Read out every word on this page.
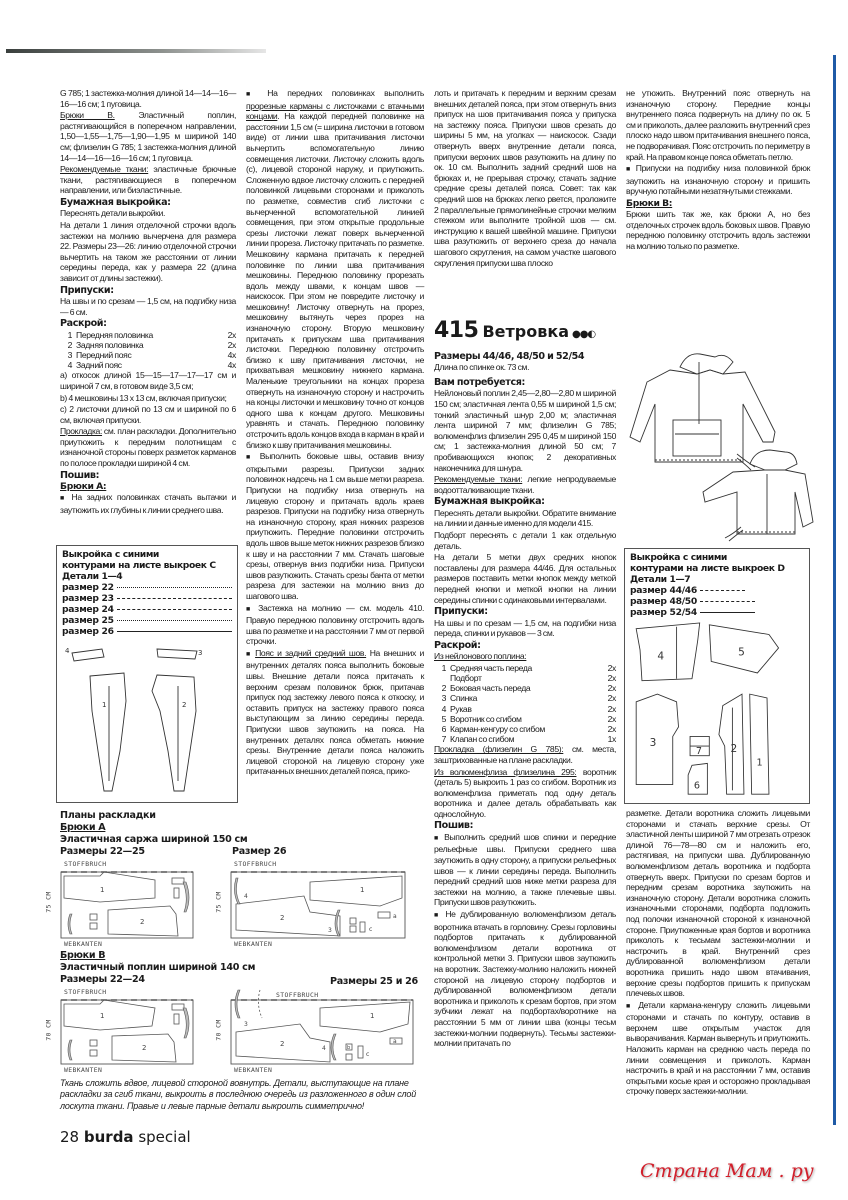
G 785; 1 застежка-молния длиной 14—14—16—16—16 см; 1 пуговица.

Брюки В. Эластичный поплин, растягивающийся в поперечном направлении, 1,50—1,55—1,75—1,90—1,95 м шириной 140 см; флизелин G 785; 1 застежка-молния длиной 14—14—16—16—16 см; 1 пуговица.

Рекомендуемые ткани: эластичные брючные ткани, растягивающиеся в поперечном направлении, или биэластичные.

Бумажная выкройка:

Переснять детали выкройки.

На детали 1 линия отделочной строчки вдоль застежки на молнию вычерчена для размера 22. Размеры 23—26: линию отделочной строчки вычертить на таком же расстоянии от линии середины переда, как у размера 22 (длина зависит от длины застежки).

Припуски:

На швы и по срезам — 1,5 см, на подгибку низа — 6 см.

Раскрой:
1	Передняя половинка	2x
2	Задняя половинка	2x
3	Передний пояс	4x
4	Задний пояс	4x

a) откосок длиной 15—15—17—17—17 см и шириной 7 см, в готовом виде 3,5 см;

b) 4 мешковины 13 x 13 см, включая припуски;

c) 2 листочки длиной по 13 см и шириной по 6 см, включая припуски.

Прокладка: см. план раскладки. Дополнительно приутюжить к передним полотнищам с изнаночной стороны поверх разметок карманов по полосе прокладки шириной 4 см.

Пошив:
Брюки А:

■ На задних половинках стачать вытачки и заутюжить их глубины к линии среднего шва.

Выкройка с синими
контурами на листе выкроек С
Детали 1—4
размер 22
размер 23
размер 24
размер 25
размер 26
4	3
1	2

■ На передних половинках выполнить прорезные карманы с листочками с втачными концами. На каждой передней половинке на расстоянии 1,5 см (= ширина листочки в готовом виде) от линии шва притачивания листочки вычертить вспомогательную линию совмещения листочки. Листочку сложить вдоль (c), лицевой стороной наружу, и приутюжить. Сложенную вдвое листочку сложить с передней половинкой лицевыми сторонами и приколоть по разметке, совместив сгиб листочки с вычерченной вспомогательной линией совмещения, при этом открытые продольные срезы листочки лежат поверх вычерченной линии прореза. Листочку притачать по разметке. Мешковину кармана притачать к передней половинке по линии шва притачивания мешковины. Переднюю половинку прорезать вдоль между швами, к концам швов — наискосок. При этом не повредите листочку и мешковину! Листочку отвернуть на прорез, мешковину вытянуть через прорез на изнаночную сторону. Вторую мешковину притачать к припускам шва притачивания листочки. Переднюю половинку отстрочить близко к шву притачивания листочки, не прихватывая мешковину нижнего кармана. Маленькие треугольники на концах прореза отвернуть на изнаночную сторону и настрочить на концы листочки и мешковину точно от концов одного шва к концам другого. Мешковины уравнять и стачать. Переднюю половинку отстрочить вдоль концов входа в карман в край и близко к шву притачивания мешковины.

■ Выполнить боковые швы, оставив внизу открытыми разрезы. Припуски задних половинок надсечь на 1 см выше метки разреза. Припуски на подгибку низа отвернуть на лицевую сторону и притачать вдоль краев разрезов. Припуски на подгибку низа отвернуть на изнаночную сторону, края нижних разрезов приутюжить. Передние половинки отстрочить вдоль швов выше меток нижних разрезов близко к шву и на расстоянии 7 мм. Стачать шаговые срезы, отвернув вниз подгибки низа. Припуски швов разутюжить. Стачать срезы банта от метки разреза для застежки на молнию вниз до шагового шва.

■ Застежка на молнию — см. модель 410. Правую переднюю половинку отстрочить вдоль шва по разметке и на расстоянии 7 мм от первой строчки.

■ Пояс и задний средний шов. На внешних и внутренних деталях пояса выполнить боковые швы. Внешние детали пояса притачать к верхним срезам половинок брюк, притачав припуск под застежку левого пояса к откоску, и оставить припуск на застежку правого пояса выступающим за линию середины переда. Припуски швов заутюжить на пояса. На внутренних деталях пояса обметать нижние срезы. Внутренние детали пояса наложить лицевой стороной на лицевую сторону уже притачанных внешних деталей пояса, прико-

лоть и притачать к передним и верхним срезам внешних деталей пояса, при этом отвернуть вниз припуск на шов притачивания пояса у припуска на застежку пояса. Припуски швов срезать до ширины 5 мм, на уголках — наискосок. Сзади отвернуть вверх внутренние детали пояса, припуски верхних швов разутюжить на длину по ок. 10 см. Выполнить задний средний шов на брюках и, не прерывая строчку, стачать задние средние срезы деталей пояса. Совет: так как средний шов на брюках легко рвется, проложите 2 параллельные прямолинейные строчки мелким стежком или выполните тройной шов — см. инструкцию к вашей швейной машине. Припуски шва разутюжить от верхнего среза до начала шагового скругления, на самом участке шагового скругления припуски шва плоско

415 Ветровка ●●◐
Размеры 44/46, 48/50 и 52/54

Длина по спинке ок. 73 см.

Вам потребуется:

Нейлоновый поплин 2,45—2,80—2,80 м шириной 150 см; эластичная лента 0,55 м шириной 1,5 см; тонкий эластичный шнур 2,00 м; эластичная лента шириной 7 мм; флизелин G 785; волюменфлиз флизелин 295 0,45 м шириной 150 см; 1 застежка-молния длиной 50 см; 7 пробивающихся кнопок; 2 декоративных наконечника для шнура.

Рекомендуемые ткани: легкие непродуваемые водоотталкивающие ткани.

Бумажная выкройка:

Переснять детали выкройки. Обратите внимание на линии и данные именно для модели 415.

Подборт переснять с детали 1 как отдельную деталь.

На детали 5 метки двух средних кнопок поставлены для размера 44/46. Для остальных размеров поставить метки кнопок между меткой передней кнопки и меткой кнопки на линии середины спинки с одинаковыми интервалами.

Припуски:

На швы и по срезам — 1,5 см, на подгибки низа переда, спинки и рукавов — 3 см.

Раскрой:

Из нейлонового поплина:

1	Средняя часть переда	2x
	Подборт	2x
2	Боковая часть переда	2x
3	Спинка	2x
4	Рукав	2x
5	Воротник со сгибом	2x
6	Карман-кенгуру со сгибом	2x
7	Клапан со сгибом	1x

Прокладка (флизелин G 785): см. места, заштрихованные на плане раскладки.

Из волюменфлиза флизелина 295: воротник (деталь 5) выкроить 1 раз со сгибом. Воротник из волюменфлиза приметать под одну деталь воротника и далее деталь обрабатывать как однослойную.

Пошив:

■ Выполнить средний шов спинки и передние рельефные швы. Припуски среднего шва заутюжить в одну сторону, а припуски рельефных швов — к линии середины переда. Выполнить передний средний шов ниже метки разреза для застежки на молнию, а также плечевые швы. Припуски швов разутюжить.

■ Не дублированную волюменфлизом деталь воротника втачать в горловину. Срезы горловины подбортов притачать к дублированной волюменфлизом детали воротника от контрольной метки 3. Припуски швов заутюжить на воротник. Застежку-молнию наложить нижней стороной на лицевую сторону подбортов и дублированной волюменфлизом детали воротника и приколоть к срезам бортов, при этом зубчики лежат на подбортах/воротнике на расстоянии 5 мм от линии шва (концы тесьм застежки-молнии подвернуть). Тесьмы застежки-молнии притачать по

не утюжить. Внутренний пояс отвернуть на изнаночную сторону. Передние концы внутреннего пояса подвернуть на длину по ок. 5 см и приколоть, далее разложить внутренний срез плоско надо швом притачивания внешнего пояса, не подворачивая. Пояс отстрочить по периметру в край. На правом конце пояса обметать петлю.

■ Припуски на подгибку низа половинкой брюк заутюжить на изнаночную сторону и пришить вручную потайными незатянутыми стежками.

Брюки В:

Брюки шить так же, как брюки А, но без отделочных строчек вдоль боковых швов. Правую переднюю половинку отстрочить вдоль застежки на молнию только по разметке.

Выкройка с синими
контурами на листе выкроек D
Детали 1—7
размер 44/46
размер 48/50
размер 52/54
4	5
3
7
6
2
1

разметке. Детали воротника сложить лицевыми сторонами и стачать верхние срезы. От эластичной ленты шириной 7 мм отрезать отрезок длиной 76—78—80 см и наложить его, растягивая, на припуски шва. Дублированную волюменфлизом деталь воротника и подборта отвернуть вверх. Припуски по срезам бортов и передним срезам воротника заутюжить на изнаночную сторону. Детали воротника сложить изнаночными сторонами, подборта подложить под полочки изнаночной стороной к изнаночной стороне. Приутюженные края бортов и воротника приколоть к тесьмам застежки-молнии и настрочить в край. Внутренний срез дублированной волюменфлизом детали воротника пришить надо швом втачивания, верхние срезы подбортов пришить к припускам плечевых швов.

■ Детали кармана-кенгуру сложить лицевыми сторонами и стачать по контуру, оставив в верхнем шве открытым участок для выворачивания. Карман вывернуть и приутюжить. Наложить карман на среднюю часть переда по линии совмещения и приколоть. Карман настрочить в край и на расстоянии 7 мм, оставив открытыми косые края и осторожно прокладывая строчку поверх застежки-молнии.

Планы раскладки
Брюки А
Эластичная саржа шириной 150 см
Размеры 22—25	Размер 26
STOFFBRUCH
WEBKANTEN
75 CM
1
2
STOFFBRUCH
WEBKANTEN
75 CM
1
2
3
4
a
c
Брюки В
Эластичный поплин шириной 140 см
Размеры 22—24	Размеры 25 и 26
STOFFBRUCH
WEBKANTEN
70 CM
1
2
STOFFBRUCH
WEBKANTEN
70 CM
1
2
3
4
a
b
c
Ткань сложить вдвое, лицевой стороной вовнутрь. Детали, выступающие на плане раскладки за сгиб ткани, выкроить в последнюю очередь из разложенного в один слой лоскута ткани. Правые и левые парные детали выкроить симметрично!
28 burda special
Страна Мам . ру
